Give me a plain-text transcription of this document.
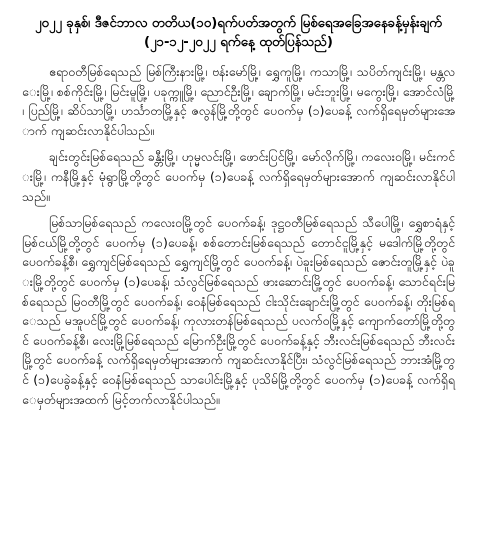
၂၀၂၂ ခုနှစ်၊ ဒီဇင်ဘာလ တတိယ(၁၀)ရက်ပတ်အတွက် မြစ်ရေအခြေအနေခန့်မှန်းချက်
(၂၁-၁၂-၂၀၂၂ ရက်နေ့ ထုတ်ပြန်သည်)

ဧရာဝတီမြစ်ရေသည် မြစ်ကြီးနားမြို့၊ ဗန်းမော်မြို့၊ ရွှေကူမြို့၊ ကသာမြို့၊ သပိတ်ကျင်းမြို့၊ မန္တလေးမြို့၊ စစ်ကိုင်းမြို့၊ မြင်းမူမြို့၊ ပခုက္ကူမြို့၊ ညောင်ဦးမြို့၊ ချောက်မြို့၊ မင်းဘူးမြို့၊ မကွေးမြို့၊ အောင်လံမြို့၊ ပြည်မြို့၊ ဆိပ်သာမြို့၊ ဟင်္သာတမြို့နှင့် ဇလွန်မြို့တို့တွင် ပေ၀က်မှ (၁)ပေခန့် လက်ရှိရေမှတ်များအောက် ကျဆင်းလာနိုင်ပါသည်။

ချင်းတွင်းမြစ်ရေသည် ခန္တီးမြို့၊ ဟုမ္မလင်းမြို့၊ ဖောင်းပြင်မြို့၊ မော်လိုက်မြို့၊ ကလေးဝမြို့၊ မင်းကင်းမြို့၊ ကနီမြို့နှင့် မုံရွာမြို့တို့တွင် ပေ၀က်မှ (၁)ပေခန့် လက်ရှိရေမှတ်များအောက် ကျဆင်းလာနိုင်ပါသည်။

မြစ်သာမြစ်ရေသည် ကလေးဝမြို့တွင် ပေ၀က်ခန့်၊ ဒုဋ္ဌဝတီမြစ်ရေသည် သီပေါမြို့၊ ရွှေစာရံနှင့်မြစ်ငယ်မြို့တို့တွင် ပေ၀က်မှ (၁)ပေခန့်၊ စစ်တောင်းမြစ်ရေသည် တောင်ငူမြို့နှင့် မဒေါက်မြို့တို့တွင် ပေ၀က်ခန့်စီ၊ ရွှေကျင်မြစ်ရေသည် ရွှေကျင်မြို့တွင် ပေ၀က်ခန့်၊ ပဲခူးမြစ်ရေသည် ဇောင်းတူမြို့နှင့် ပဲခူးမြို့တို့တွင် ပေ၀က်မှ (၁)ပေခန့်၊ သံလွင်မြစ်ရေသည် ဖားဆောင်းမြို့တွင် ပေ၀က်ခန့်၊ သောင်ရင်းမြစ်ရေသည် မြဝတီမြို့တွင် ပေ၀က်ခန့်၊ ဝေနံမြစ်ရေသည် ငါးသိုင်းချောင်းမြို့တွင် ပေ၀က်ခန့်၊ တိုးမြစ်ရေသည် မအူပင်မြို့တွင် ပေ၀က်ခန့်၊ ကုလားတန်မြစ်ရေသည် ပလက်ဝမြို့နှင့် ကျောက်တော်မြို့တို့တွင် ပေ၀က်ခန့်စီ၊ လေးမြို့မြစ်ရေသည် မြောက်ဦးမြို့တွင် ပေ၀က်ခန့်နှင့် ဘီးလင်းမြစ်ရေသည် ဘီးလင်းမြို့တွင် ပေ၀က်ခန့် လက်ရှိရေမှတ်များအောက် ကျဆင်းလာနိုင်ပြီး၊ သံလွင်မြစ်ရေသည် ဘားအံမြို့တွင် (၁)ပေခွဲခန့်နှင့် ဝေနံမြစ်ရေသည် သာပေါင်းမြို့နှင့် ပုသိမ်မြို့တို့တွင် ပေ၀က်မှ (၁)ပေခန့် လက်ရှိရေမှတ်များအထက် မြင့်တက်လာနိုင်ပါသည်။
